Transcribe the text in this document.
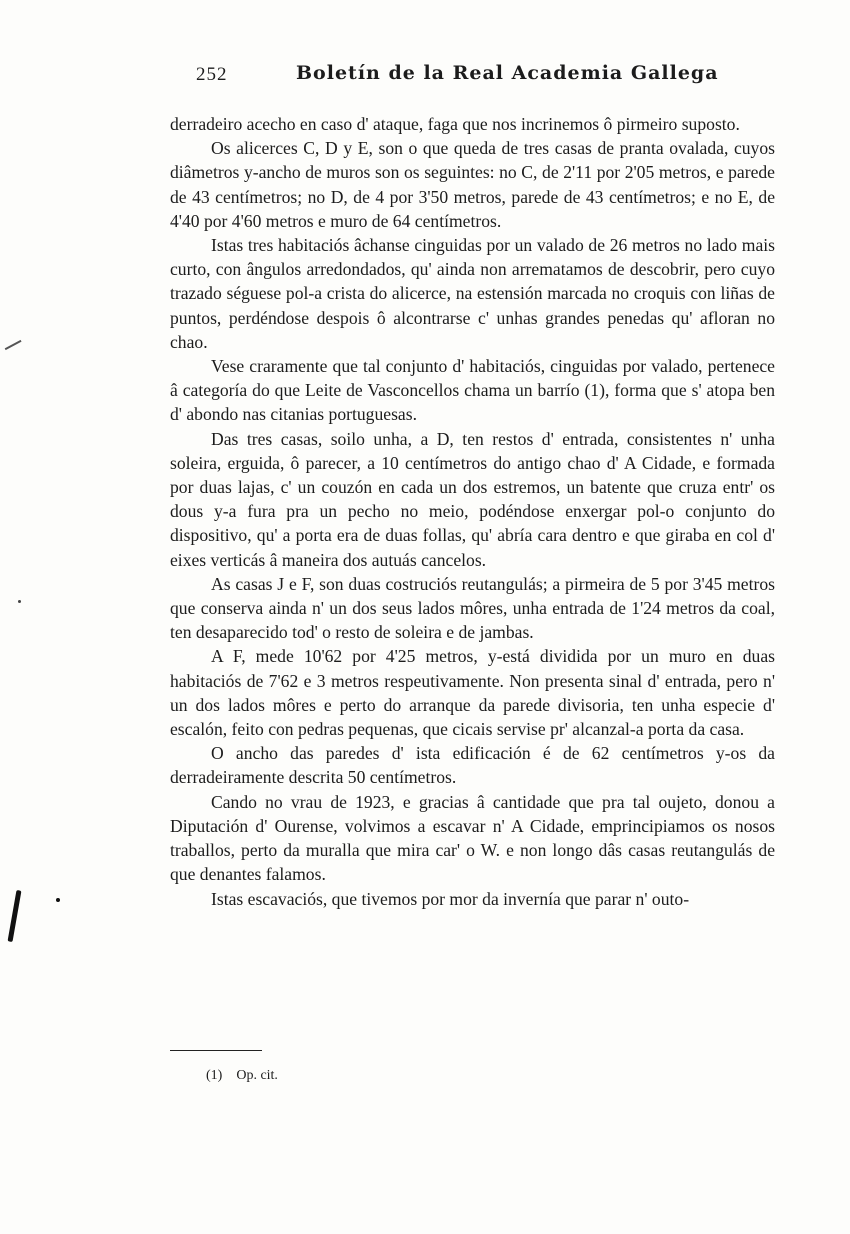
252	Boletín de la Real Academia Gallega

derradeiro acecho en caso d' ataque, faga que nos incrinemos ô pirmeiro suposto.

Os alicerces C, D y E, son o que queda de tres casas de pranta ovalada, cuyos diâmetros y-ancho de muros son os seguintes: no C, de 2'11 por 2'05 metros, e parede de 43 centímetros; no D, de 4 por 3'50 metros, parede de 43 centímetros; e no E, de 4'40 por 4'60 metros e muro de 64 centímetros.

Istas tres habitaciós âchanse cinguidas por un valado de 26 metros no lado mais curto, con ângulos arredondados, qu' ainda non arrematamos de descobrir, pero cuyo trazado séguese pol-a crista do alicerce, na estensión marcada no croquis con liñas de puntos, perdéndose despois ô alcontrarse c' unhas grandes penedas qu' afloran no chao.

Vese craramente que tal conjunto d' habitaciós, cinguidas por valado, pertenece â categoría do que Leite de Vasconcellos chama un barrío (1), forma que s' atopa ben d' abondo nas citanias portuguesas.

Das tres casas, soilo unha, a D, ten restos d' entrada, consistentes n' unha soleira, erguida, ô parecer, a 10 centímetros do antigo chao d' A Cidade, e formada por duas lajas, c' un couzón en cada un dos estremos, un batente que cruza entr' os dous y-a fura pra un pecho no meio, podéndose enxergar pol-o conjunto do dispositivo, qu' a porta era de duas follas, qu' abría cara dentro e que giraba en col d' eixes verticás â maneira dos autuás cancelos.

As casas J e F, son duas costruciós reutangulás; a pirmeira de 5 por 3'45 metros que conserva ainda n' un dos seus lados môres, unha entrada de 1'24 metros da coal, ten desaparecido tod' o resto de soleira e de jambas.

A F, mede 10'62 por 4'25 metros, y-está dividida por un muro en duas habitaciós de 7'62 e 3 metros respeutivamente. Non presenta sinal d' entrada, pero n' un dos lados môres e perto do arranque da parede divisoria, ten unha especie d' escalón, feito con pedras pequenas, que cicais servise pr' alcanzal-a porta da casa.

O ancho das paredes d' ista edificación é de 62 centímetros y-os da derradeiramente descrita 50 centímetros.

Cando no vrau de 1923, e gracias â cantidade que pra tal oujeto, donou a Diputación d' Ourense, volvimos a escavar n' A Cidade, emprincipiamos os nosos traballos, perto da muralla que mira car' o W. e non longo dâs casas reutangulás de que denantes falamos.

Istas escavaciós, que tivemos por mor da invernía que parar n' outo-

(1) Op. cit.
